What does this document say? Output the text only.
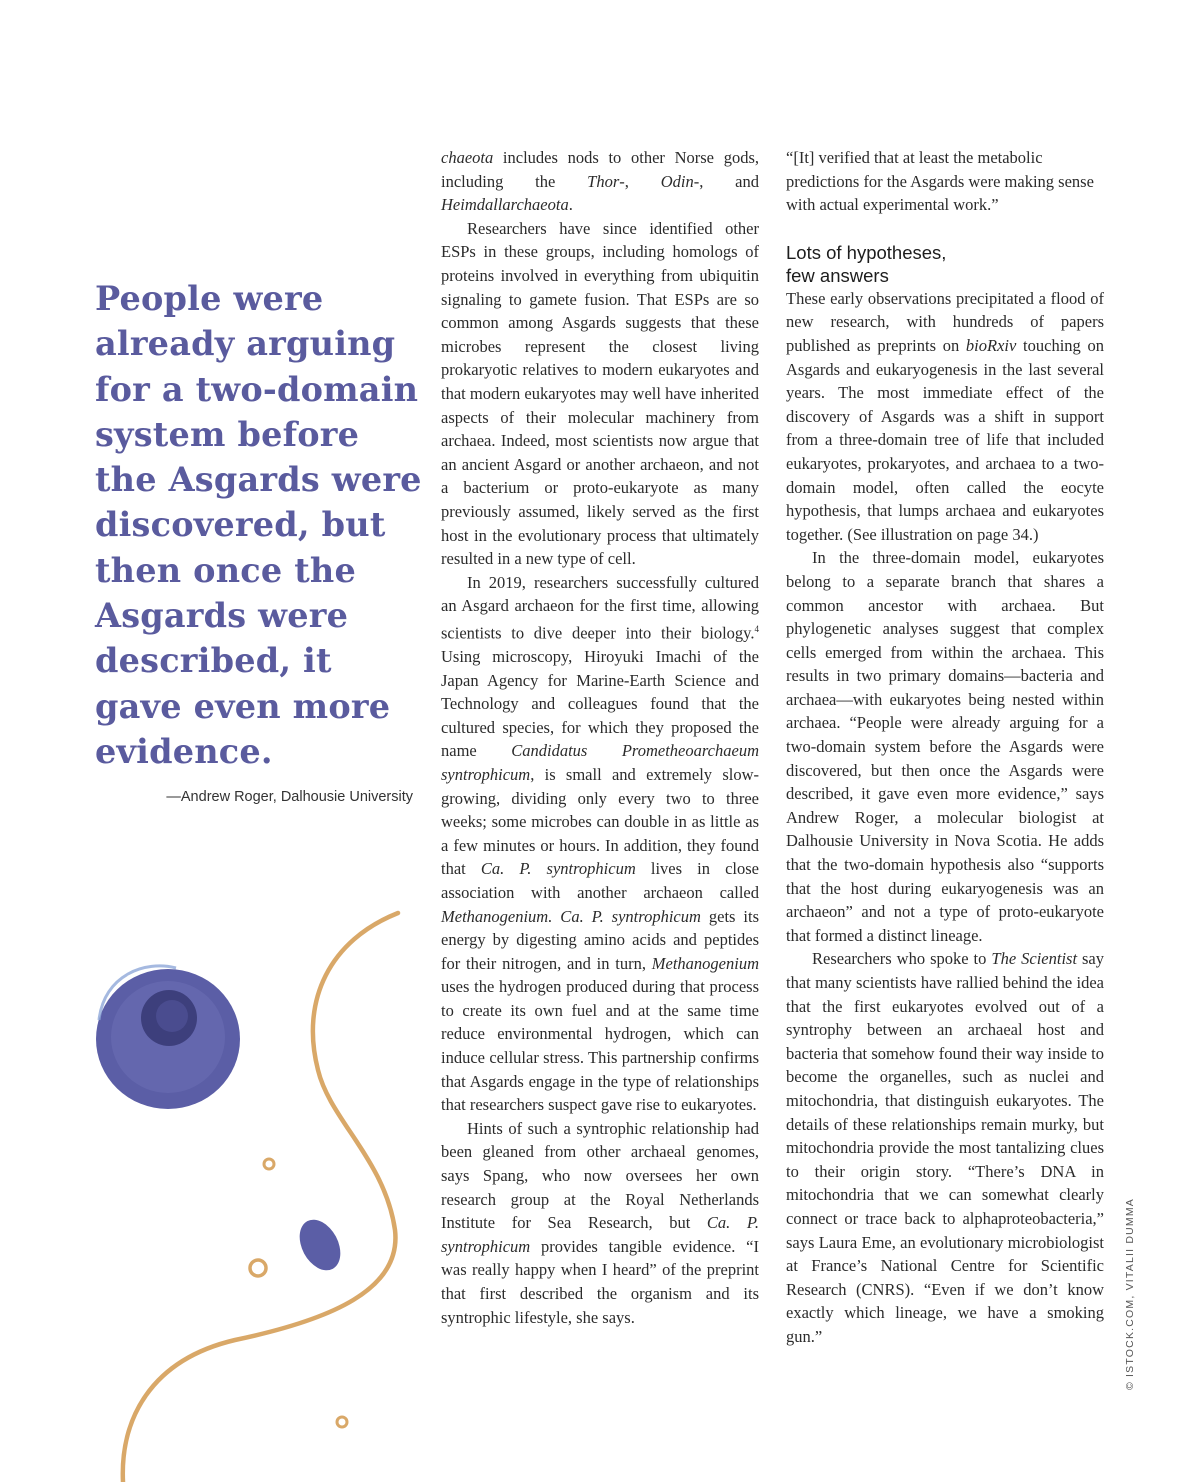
People were already arguing for a two-domain system before the Asgards were discovered, but then once the Asgards were described, it gave even more evidence.

—Andrew Roger, Dalhousie University

chaeota includes nods to other Norse gods, including the Thor-, Odin-, and Heimdallarchaeota.

Researchers have since identified other ESPs in these groups, including homologs of proteins involved in everything from ubiquitin signaling to gamete fusion. That ESPs are so common among Asgards suggests that these microbes represent the closest living prokaryotic relatives to modern eukaryotes and that modern eukaryotes may well have inherited aspects of their molecular machinery from archaea. Indeed, most scientists now argue that an ancient Asgard or another archaeon, and not a bacterium or proto-eukaryote as many previously assumed, likely served as the first host in the evolutionary process that ultimately resulted in a new type of cell.

In 2019, researchers successfully cultured an Asgard archaeon for the first time, allowing scientists to dive deeper into their biology.$^4$ Using microscopy, Hiroyuki Imachi of the Japan Agency for Marine-Earth Science and Technology and colleagues found that the cultured species, for which they proposed the name Candidatus Prometheoarchaeum syntrophicum, is small and extremely slow-growing, dividing only every two to three weeks; some microbes can double in as little as a few minutes or hours. In addition, they found that Ca. P. syntrophicum lives in close association with another archaeon called Methanogenium. Ca. P. syntrophicum gets its energy by digesting amino acids and peptides for their nitrogen, and in turn, Methanogenium uses the hydrogen produced during that process to create its own fuel and at the same time reduce environmental hydrogen, which can induce cellular stress. This partnership confirms that Asgards engage in the type of relationships that researchers suspect gave rise to eukaryotes.

Hints of such a syntrophic relationship had been gleaned from other archaeal genomes, says Spang, who now oversees her own research group at the Royal Netherlands Institute for Sea Research, but Ca. P. syntrophicum provides tangible evidence. “I was really happy when I heard” of the preprint that first described the organism and its syntrophic lifestyle, she says.

“[It] verified that at least the metabolic predictions for the Asgards were making sense with actual experimental work.”

Lots of hypotheses,
few answers

These early observations precipitated a flood of new research, with hundreds of papers published as preprints on bioRxiv touching on Asgards and eukaryogenesis in the last several years. The most immediate effect of the discovery of Asgards was a shift in support from a three-domain tree of life that included eukaryotes, prokaryotes, and archaea to a two-domain model, often called the eocyte hypothesis, that lumps archaea and eukaryotes together. (See illustration on page 34.)

In the three-domain model, eukaryotes belong to a separate branch that shares a common ancestor with archaea. But phylogenetic analyses suggest that complex cells emerged from within the archaea. This results in two primary domains—bacteria and archaea—with eukaryotes being nested within archaea. “People were already arguing for a two-domain system before the Asgards were discovered, but then once the Asgards were described, it gave even more evidence,” says Andrew Roger, a molecular biologist at Dalhousie University in Nova Scotia. He adds that the two-domain hypothesis also “supports that the host during eukaryogenesis was an archaeon” and not a type of proto-eukaryote that formed a distinct lineage.

Researchers who spoke to The Scientist say that many scientists have rallied behind the idea that the first eukaryotes evolved out of a syntrophy between an archaeal host and bacteria that somehow found their way inside to become the organelles, such as nuclei and mitochondria, that distinguish eukaryotes. The details of these relationships remain murky, but mitochondria provide the most tantalizing clues to their origin story. “There’s DNA in mitochondria that we can somewhat clearly connect or trace back to alphaproteobacteria,” says Laura Eme, an evolutionary microbiologist at France’s National Centre for Scientific Research (CNRS). “Even if we don’t know exactly which lineage, we have a smoking gun.”	© ISTOCK.COM, VITALII DUMMA
